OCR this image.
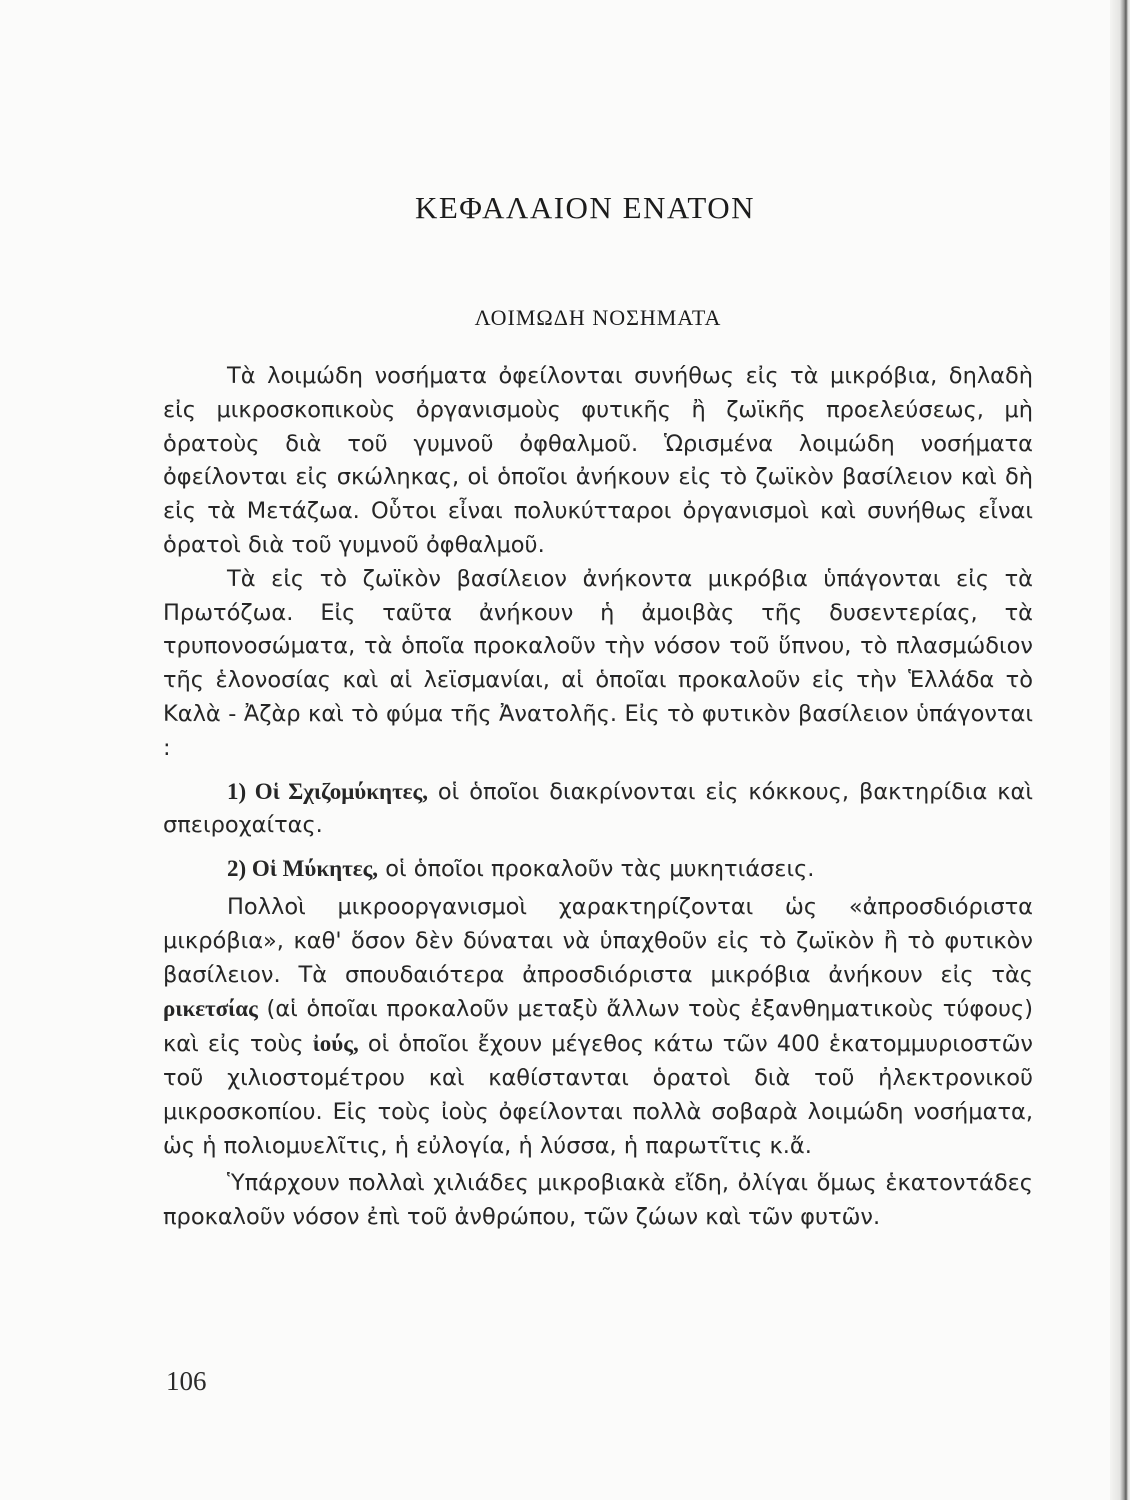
ΚΕΦΑΛΑΙΟΝ ΕΝΑΤΟΝ
ΛΟΙΜΩΔΗ ΝΟΣΗΜΑΤΑ

Τὰ λοιμώδη νοσήματα ὀφείλονται συνήθως εἰς τὰ μικρόβια, δηλαδὴ εἰς μικροσκοπικοὺς ὀργανισμοὺς φυτικῆς ἢ ζωϊκῆς προελεύσεως, μὴ ὁρατοὺς διὰ τοῦ γυμνοῦ ὀφθαλμοῦ. Ὡρισμένα λοιμώδη νοσήματα ὀφείλονται εἰς σκώληκας, οἱ ὁποῖοι ἀνήκουν εἰς τὸ ζωϊκὸν βασίλειον καὶ δὴ εἰς τὰ Μετάζωα. Οὗτοι εἶναι πολυκύτταροι ὀργανισμοὶ καὶ συνήθως εἶναι ὁρατοὶ διὰ τοῦ γυμνοῦ ὀφθαλμοῦ.

Τὰ εἰς τὸ ζωϊκὸν βασίλειον ἀνήκοντα μικρόβια ὑπάγονται εἰς τὰ Πρωτόζωα. Εἰς ταῦτα ἀνήκουν ἡ ἀμοιβὰς τῆς δυσεντερίας, τὰ τρυπονοσώματα, τὰ ὁποῖα προκαλοῦν τὴν νόσον τοῦ ὕπνου, τὸ πλασμώδιον τῆς ἑλονοσίας καὶ αἱ λεϊσμανίαι, αἱ ὁποῖαι προκαλοῦν εἰς τὴν Ἑλλάδα τὸ Καλὰ - Ἀζὰρ καὶ τὸ φύμα τῆς Ἀνατολῆς. Εἰς τὸ φυτικὸν βασίλειον ὑπάγονται :

1) Οἱ Σχιζομύκητες, οἱ ὁποῖοι διακρίνονται εἰς κόκκους, βακτηρίδια καὶ σπειροχαίτας.

2) Οἱ Μύκητες, οἱ ὁποῖοι προκαλοῦν τὰς μυκητιάσεις.

Πολλοὶ μικροοργανισμοὶ χαρακτηρίζονται ὡς «ἀπροσδιόριστα μικρόβια», καθ' ὅσον δὲν δύναται νὰ ὑπαχθοῦν εἰς τὸ ζωϊκὸν ἢ τὸ φυτικὸν βασίλειον. Τὰ σπουδαιότερα ἀπροσδιόριστα μικρόβια ἀνήκουν εἰς τὰς ρικετσίας (αἱ ὁποῖαι προκαλοῦν μεταξὺ ἄλλων τοὺς ἐξανθηματικοὺς τύφους) καὶ εἰς τοὺς ἰούς, οἱ ὁποῖοι ἔχουν μέγεθος κάτω τῶν 400 ἑκατομμυριοστῶν τοῦ χιλιοστομέτρου καὶ καθίστανται ὁρατοὶ διὰ τοῦ ἠλεκτρονικοῦ μικροσκοπίου. Εἰς τοὺς ἰοὺς ὀφείλονται πολλὰ σοβαρὰ λοιμώδη νοσήματα, ὡς ἡ πολιομυελῖτις, ἡ εὐλογία, ἡ λύσσα, ἡ παρωτῖτις κ.ἄ.

Ὑπάρχουν πολλαὶ χιλιάδες μικροβιακὰ εἴδη, ὀλίγαι ὅμως ἑκατοντάδες προκαλοῦν νόσον ἐπὶ τοῦ ἀνθρώπου, τῶν ζώων καὶ τῶν φυτῶν.

106
